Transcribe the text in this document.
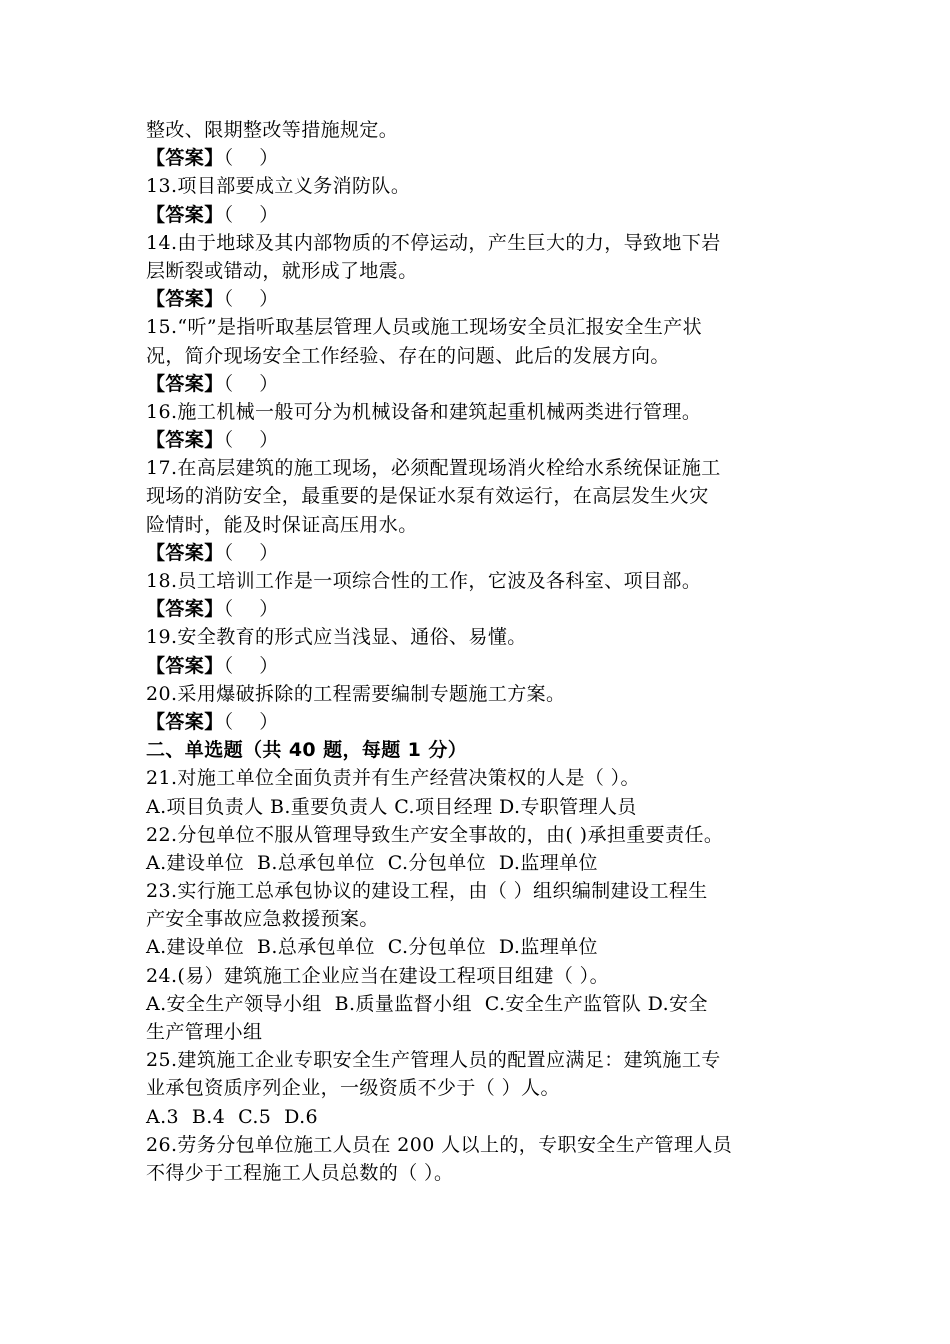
整改、限期整改等措施规定。
【答案】（    ）
13.项目部要成立义务消防队。
【答案】（    ）
14.由于地球及其内部物质的不停运动，产生巨大的力，导致地下岩
层断裂或错动，就形成了地震。
【答案】（    ）
15.“听”是指听取基层管理人员或施工现场安全员汇报安全生产状
况，简介现场安全工作经验、存在的问题、此后的发展方向。
【答案】（    ）
16.施工机械一般可分为机械设备和建筑起重机械两类进行管理。
【答案】（    ）
17.在高层建筑的施工现场，必须配置现场消火栓给水系统保证施工
现场的消防安全，最重要的是保证水泵有效运行，在高层发生火灾
险情时，能及时保证高压用水。
【答案】（    ）
18.员工培训工作是一项综合性的工作，它波及各科室、项目部。
【答案】（    ）
19.安全教育的形式应当浅显、通俗、易懂。
【答案】（    ）
20.采用爆破拆除的工程需要编制专题施工方案。
【答案】（    ）
二、单选题（共 40 题，每题 1 分）
21.对施工单位全面负责并有生产经营决策权的人是（ ）。
A.项目负责人 B.重要负责人 C.项目经理 D.专职管理人员
22.分包单位不服从管理导致生产安全事故的，由( )承担重要责任。
A.建设单位  B.总承包单位  C.分包单位  D.监理单位
23.实行施工总承包协议的建设工程，由（ ）组织编制建设工程生
产安全事故应急救援预案。
A.建设单位  B.总承包单位  C.分包单位  D.监理单位
24.(易）建筑施工企业应当在建设工程项目组建（ ）。
A.安全生产领导小组  B.质量监督小组  C.安全生产监管队 D.安全
生产管理小组
25.建筑施工企业专职安全生产管理人员的配置应满足：建筑施工专
业承包资质序列企业，一级资质不少于（ ）人。
A.3  B.4  C.5  D.6
26.劳务分包单位施工人员在 200 人以上的，专职安全生产管理人员
不得少于工程施工人员总数的（ ）。
